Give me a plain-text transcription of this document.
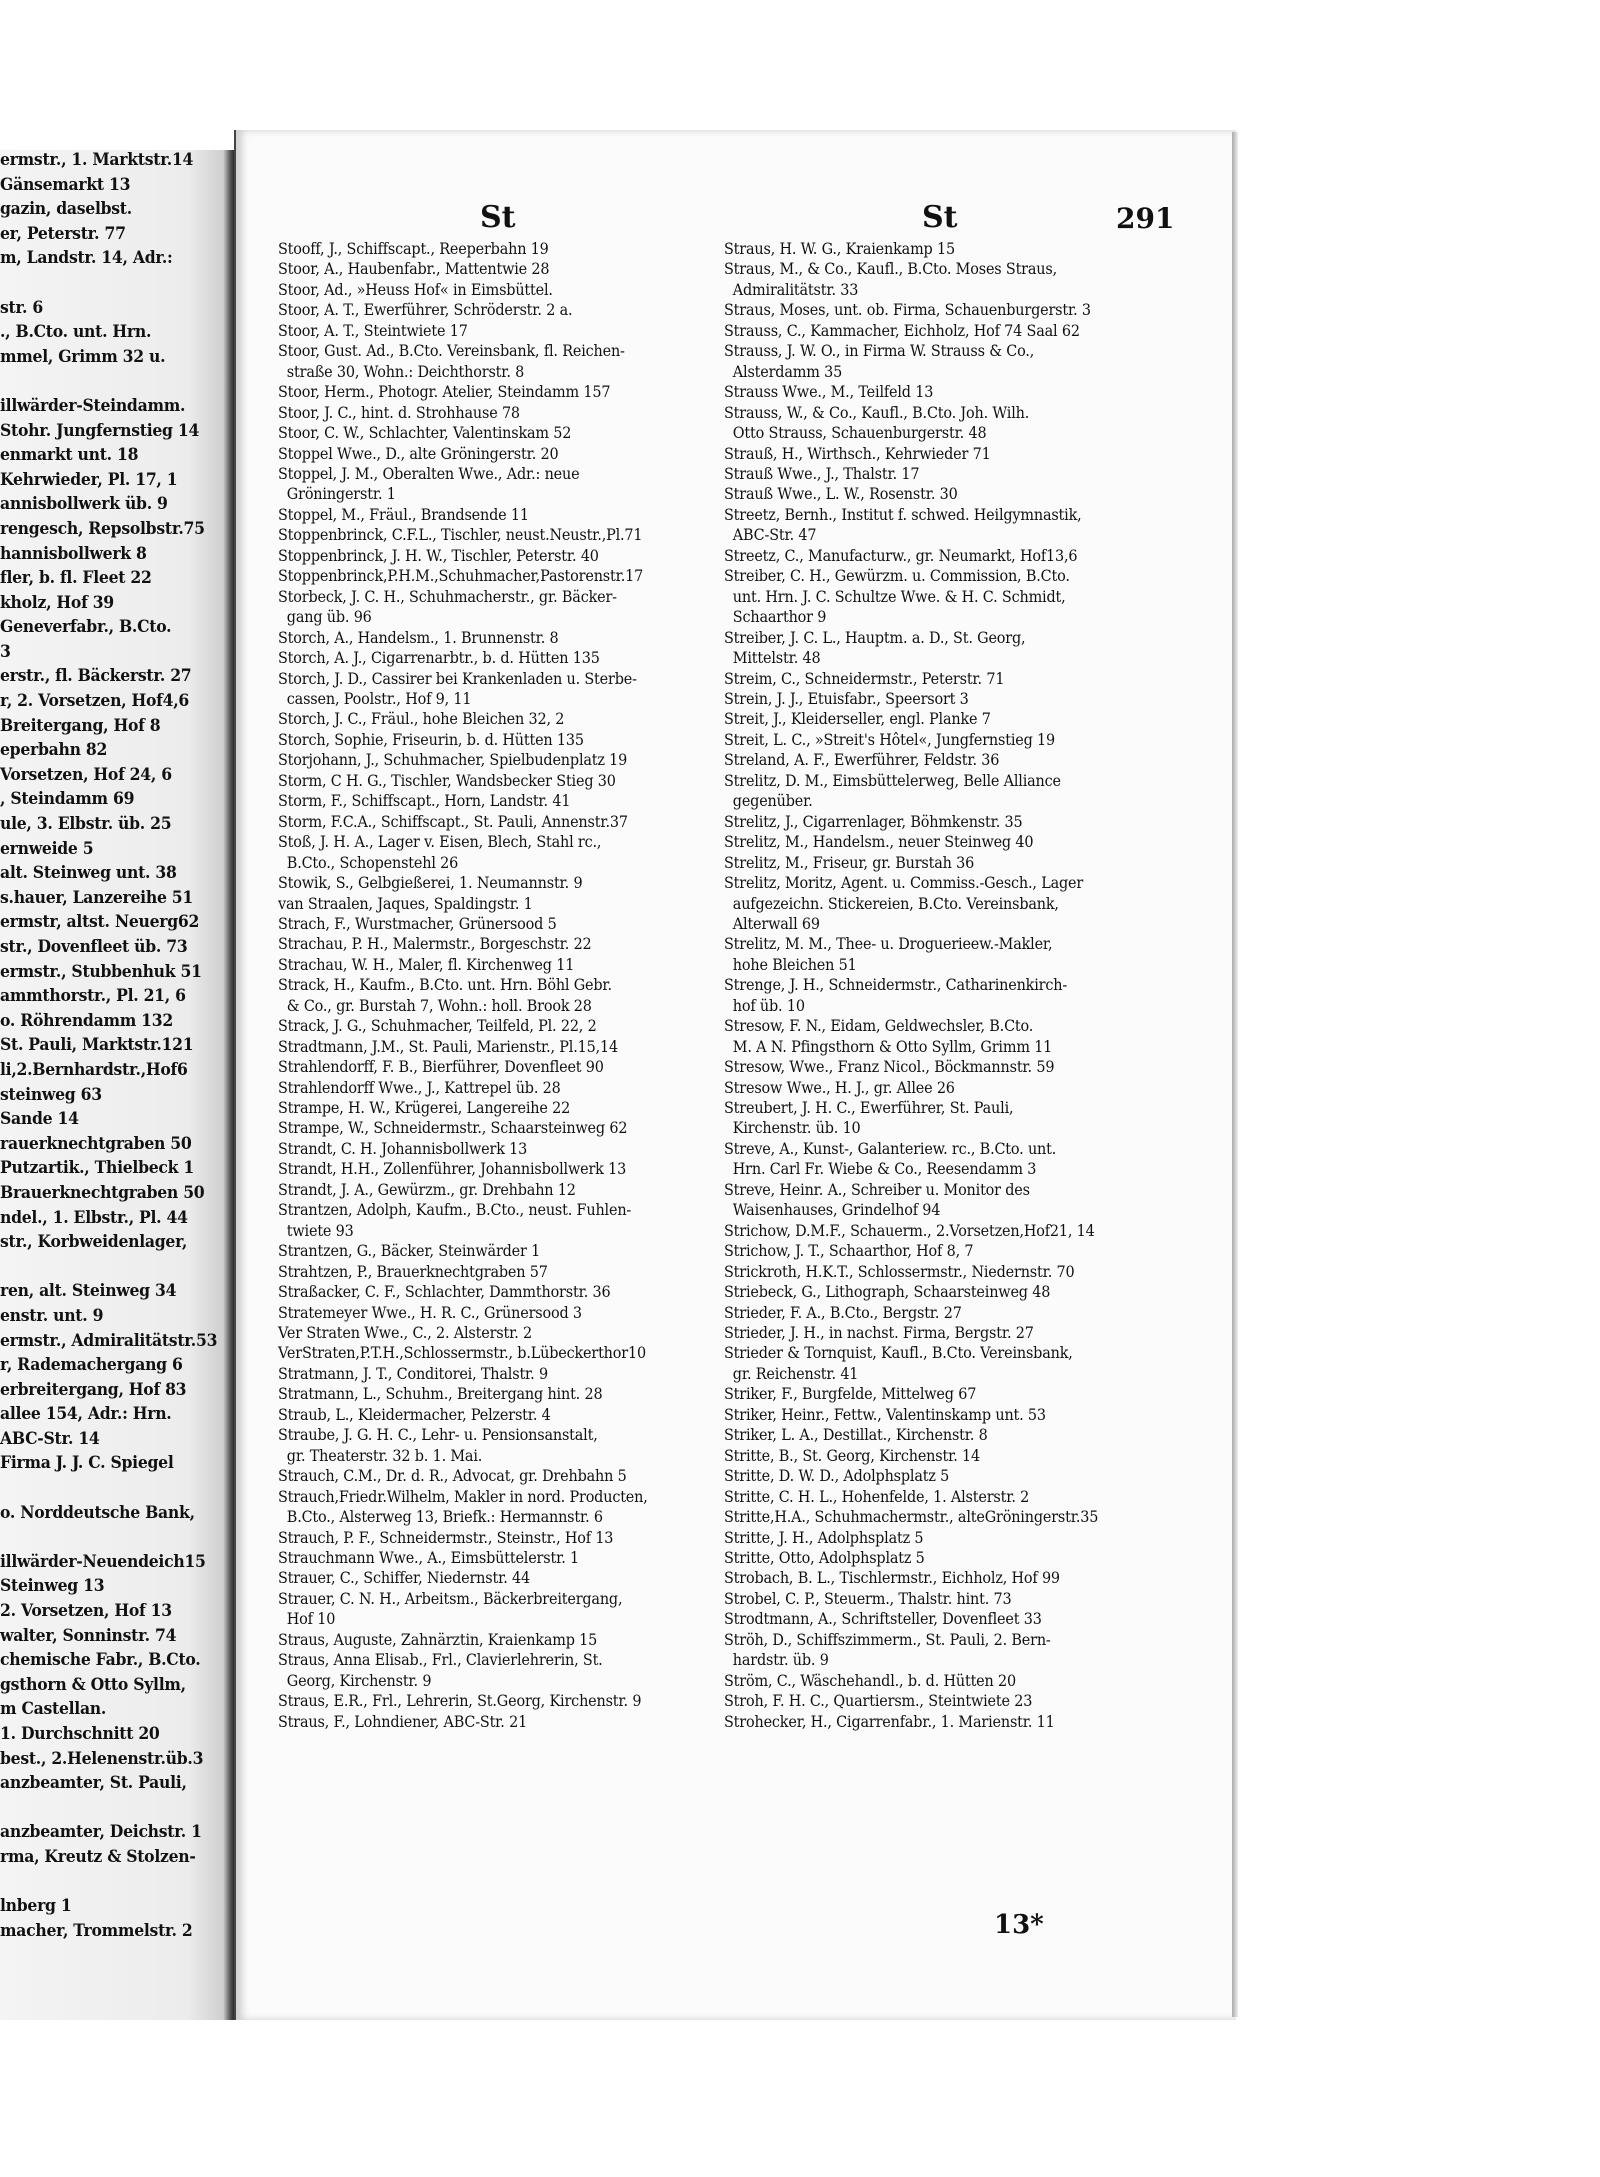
ermstr., 1. Marktstr.14
Gänsemarkt 13
gazin, daselbst.
er, Peterstr. 77
m, Landstr. 14, Adr.:

str. 6
., B.Cto. unt. Hrn.
mmel, Grimm 32 u.

illwärder-Steindamm.
Stohr. Jungfernstieg 14
enmarkt unt. 18
Kehrwieder, Pl. 17, 1
annisbollwerk üb. 9
rengesch, Repsolbstr.75
hannisbollwerk 8
fler, b. fl. Fleet 22
kholz, Hof 39
Geneverfabr., B.Cto.
3
erstr., fl. Bäckerstr. 27
r, 2. Vorsetzen, Hof4,6
Breitergang, Hof 8
eperbahn 82
Vorsetzen, Hof 24, 6
, Steindamm 69
ule, 3. Elbstr. üb. 25
ernweide 5
alt. Steinweg unt. 38
s.hauer, Lanzereihe 51
ermstr, altst. Neuerg62
str., Dovenfleet üb. 73
ermstr., Stubbenhuk 51
ammthorstr., Pl. 21, 6
o. Röhrendamm 132
St. Pauli, Marktstr.121
li,2.Bernhardstr.,Hof6
steinweg 63
Sande 14
rauerknechtgraben 50
Putzartik., Thielbeck 1
Brauerknechtgraben 50
ndel., 1. Elbstr., Pl. 44
str., Korbweidenlager,

ren, alt. Steinweg 34
enstr. unt. 9
ermstr., Admiralitätstr.53
r, Rademachergang 6
erbreitergang, Hof 83
allee 154, Adr.: Hrn.
ABC-Str. 14
Firma J. J. C. Spiegel

o. Norddeutsche Bank,

illwärder-Neuendeich15
Steinweg 13
2. Vorsetzen, Hof 13
walter, Sonninstr. 74
chemische Fabr., B.Cto.
gsthorn & Otto Syllm,
m Castellan.
1. Durchschnitt 20
best., 2.Helenenstr.üb.3
anzbeamter, St. Pauli,

anzbeamter, Deichstr. 1
rma, Kreutz & Stolzen-

lnberg 1
macher, Trommelstr. 2
St	St	291
Stooff, J., Schiffscapt., Reeperbahn 19
Stoor, A., Haubenfabr., Mattentwie 28
Stoor, Ad., »Heuss Hof« in Eimsbüttel.
Stoor, A. T., Ewerführer, Schröderstr. 2 a.
Stoor, A. T., Steintwiete 17
Stoor, Gust. Ad., B.Cto. Vereinsbank, fl. Reichen-
straße 30, Wohn.: Deichthorstr. 8
Stoor, Herm., Photogr. Atelier, Steindamm 157
Stoor, J. C., hint. d. Strohhause 78
Stoor, C. W., Schlachter, Valentinskam 52
Stoppel Wwe., D., alte Gröningerstr. 20
Stoppel, J. M., Oberalten Wwe., Adr.: neue
Gröningerstr. 1
Stoppel, M., Fräul., Brandsende 11
Stoppenbrinck, C.F.L., Tischler, neust.Neustr.,Pl.71
Stoppenbrinck, J. H. W., Tischler, Peterstr. 40
Stoppenbrinck,P.H.M.,Schuhmacher,Pastorenstr.17
Storbeck, J. C. H., Schuhmacherstr., gr. Bäcker-
gang üb. 96
Storch, A., Handelsm., 1. Brunnenstr. 8
Storch, A. J., Cigarrenarbtr., b. d. Hütten 135
Storch, J. D., Cassirer bei Krankenladen u. Sterbe-
cassen, Poolstr., Hof 9, 11
Storch, J. C., Fräul., hohe Bleichen 32, 2
Storch, Sophie, Friseurin, b. d. Hütten 135
Storjohann, J., Schuhmacher, Spielbudenplatz 19
Storm, C H. G., Tischler, Wandsbecker Stieg 30
Storm, F., Schiffscapt., Horn, Landstr. 41
Storm, F.C.A., Schiffscapt., St. Pauli, Annenstr.37
Stoß, J. H. A., Lager v. Eisen, Blech, Stahl rc.,
B.Cto., Schopenstehl 26
Stowik, S., Gelbgießerei, 1. Neumannstr. 9
van Straalen, Jaques, Spaldingstr. 1
Strach, F., Wurstmacher, Grünersood 5
Strachau, P. H., Malermstr., Borgeschstr. 22
Strachau, W. H., Maler, fl. Kirchenweg 11
Strack, H., Kaufm., B.Cto. unt. Hrn. Böhl Gebr.
& Co., gr. Burstah 7, Wohn.: holl. Brook 28
Strack, J. G., Schuhmacher, Teilfeld, Pl. 22, 2
Stradtmann, J.M., St. Pauli, Marienstr., Pl.15,14
Strahlendorff, F. B., Bierführer, Dovenfleet 90
Strahlendorff Wwe., J., Kattrepel üb. 28
Strampe, H. W., Krügerei, Langereihe 22
Strampe, W., Schneidermstr., Schaarsteinweg 62
Strandt, C. H. Johannisbollwerk 13
Strandt, H.H., Zollenführer, Johannisbollwerk 13
Strandt, J. A., Gewürzm., gr. Drehbahn 12
Strantzen, Adolph, Kaufm., B.Cto., neust. Fuhlen-
twiete 93
Strantzen, G., Bäcker, Steinwärder 1
Strahtzen, P., Brauerknechtgraben 57
Straßacker, C. F., Schlachter, Dammthorstr. 36
Stratemeyer Wwe., H. R. C., Grünersood 3
Ver Straten Wwe., C., 2. Alsterstr. 2
VerStraten,P.T.H.,Schlossermstr., b.Lübeckerthor10
Stratmann, J. T., Conditorei, Thalstr. 9
Stratmann, L., Schuhm., Breitergang hint. 28
Straub, L., Kleidermacher, Pelzerstr. 4
Straube, J. G. H. C., Lehr- u. Pensionsanstalt,
gr. Theaterstr. 32 b. 1. Mai.
Strauch, C.M., Dr. d. R., Advocat, gr. Drehbahn 5
Strauch,Friedr.Wilhelm, Makler in nord. Producten,
B.Cto., Alsterweg 13, Briefk.: Hermannstr. 6
Strauch, P. F., Schneidermstr., Steinstr., Hof 13
Strauchmann Wwe., A., Eimsbüttelerstr. 1
Strauer, C., Schiffer, Niedernstr. 44
Strauer, C. N. H., Arbeitsm., Bäckerbreitergang,
Hof 10
Straus, Auguste, Zahnärztin, Kraienkamp 15
Straus, Anna Elisab., Frl., Clavierlehrerin, St.
Georg, Kirchenstr. 9
Straus, E.R., Frl., Lehrerin, St.Georg, Kirchenstr. 9
Straus, F., Lohndiener, ABC-Str. 21
Straus, H. W. G., Kraienkamp 15
Straus, M., & Co., Kaufl., B.Cto. Moses Straus,
Admiralitätstr. 33
Straus, Moses, unt. ob. Firma, Schauenburgerstr. 3
Strauss, C., Kammacher, Eichholz, Hof 74 Saal 62
Strauss, J. W. O., in Firma W. Strauss & Co.,
Alsterdamm 35
Strauss Wwe., M., Teilfeld 13
Strauss, W., & Co., Kaufl., B.Cto. Joh. Wilh.
Otto Strauss, Schauenburgerstr. 48
Strauß, H., Wirthsch., Kehrwieder 71
Strauß Wwe., J., Thalstr. 17
Strauß Wwe., L. W., Rosenstr. 30
Streetz, Bernh., Institut f. schwed. Heilgymnastik,
ABC-Str. 47
Streetz, C., Manufacturw., gr. Neumarkt, Hof13,6
Streiber, C. H., Gewürzm. u. Commission, B.Cto.
unt. Hrn. J. C. Schultze Wwe. & H. C. Schmidt,
Schaarthor 9
Streiber, J. C. L., Hauptm. a. D., St. Georg,
Mittelstr. 48
Streim, C., Schneidermstr., Peterstr. 71
Strein, J. J., Etuisfabr., Speersort 3
Streit, J., Kleiderseller, engl. Planke 7
Streit, L. C., »Streit's Hôtel«, Jungfernstieg 19
Streland, A. F., Ewerführer, Feldstr. 36
Strelitz, D. M., Eimsbüttelerweg, Belle Alliance
gegenüber.
Strelitz, J., Cigarrenlager, Böhmkenstr. 35
Strelitz, M., Handelsm., neuer Steinweg 40
Strelitz, M., Friseur, gr. Burstah 36
Strelitz, Moritz, Agent. u. Commiss.-Gesch., Lager
aufgezeichn. Stickereien, B.Cto. Vereinsbank,
Alterwall 69
Strelitz, M. M., Thee- u. Droguerieew.-Makler,
hohe Bleichen 51
Strenge, J. H., Schneidermstr., Catharinenkirch-
hof üb. 10
Stresow, F. N., Eidam, Geldwechsler, B.Cto.
M. A N. Pfingsthorn & Otto Syllm, Grimm 11
Stresow, Wwe., Franz Nicol., Böckmannstr. 59
Stresow Wwe., H. J., gr. Allee 26
Streubert, J. H. C., Ewerführer, St. Pauli,
Kirchenstr. üb. 10
Streve, A., Kunst-, Galanteriew. rc., B.Cto. unt.
Hrn. Carl Fr. Wiebe & Co., Reesendamm 3
Streve, Heinr. A., Schreiber u. Monitor des
Waisenhauses, Grindelhof 94
Strichow, D.M.F., Schauerm., 2.Vorsetzen,Hof21, 14
Strichow, J. T., Schaarthor, Hof 8, 7
Strickroth, H.K.T., Schlossermstr., Niedernstr. 70
Striebeck, G., Lithograph, Schaarsteinweg 48
Strieder, F. A., B.Cto., Bergstr. 27
Strieder, J. H., in nachst. Firma, Bergstr. 27
Strieder & Tornquist, Kaufl., B.Cto. Vereinsbank,
gr. Reichenstr. 41
Striker, F., Burgfelde, Mittelweg 67
Striker, Heinr., Fettw., Valentinskamp unt. 53
Striker, L. A., Destillat., Kirchenstr. 8
Stritte, B., St. Georg, Kirchenstr. 14
Stritte, D. W. D., Adolphsplatz 5
Stritte, C. H. L., Hohenfelde, 1. Alsterstr. 2
Stritte,H.A., Schuhmachermstr., alteGröningerstr.35
Stritte, J. H., Adolphsplatz 5
Stritte, Otto, Adolphsplatz 5
Strobach, B. L., Tischlermstr., Eichholz, Hof 99
Strobel, C. P., Steuerm., Thalstr. hint. 73
Strodtmann, A., Schriftsteller, Dovenfleet 33
Ströh, D., Schiffszimmerm., St. Pauli, 2. Bern-
hardstr. üb. 9
Ström, C., Wäschehandl., b. d. Hütten 20
Stroh, F. H. C., Quartiersm., Steintwiete 23
Strohecker, H., Cigarrenfabr., 1. Marienstr. 11
13*
